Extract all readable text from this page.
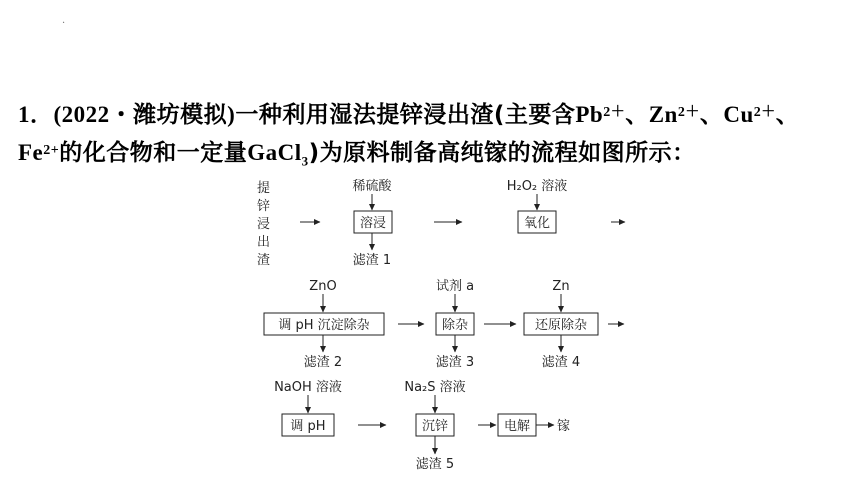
·
1．(2022・潍坊模拟)一种利用湿法提锌浸出渣(主要含$Pb^{2+}$、$Zn^{2+}$、$Cu^{2+}$、 $Fe^{2+}$的化合物和一定量GaCl$_3$)为原料制备高纯镓的流程如图所示：
提
锌
浸
出
渣
稀硫酸
溶浸
滤渣 1
H₂O₂ 溶液
氧化
ZnO
调 pH 沉淀除杂
滤渣 2
试剂 a
除杂
滤渣 3
Zn
还原除杂
滤渣 4
NaOH 溶液
调 pH
Na₂S 溶液
沉锌
滤渣 5
电解 镓
